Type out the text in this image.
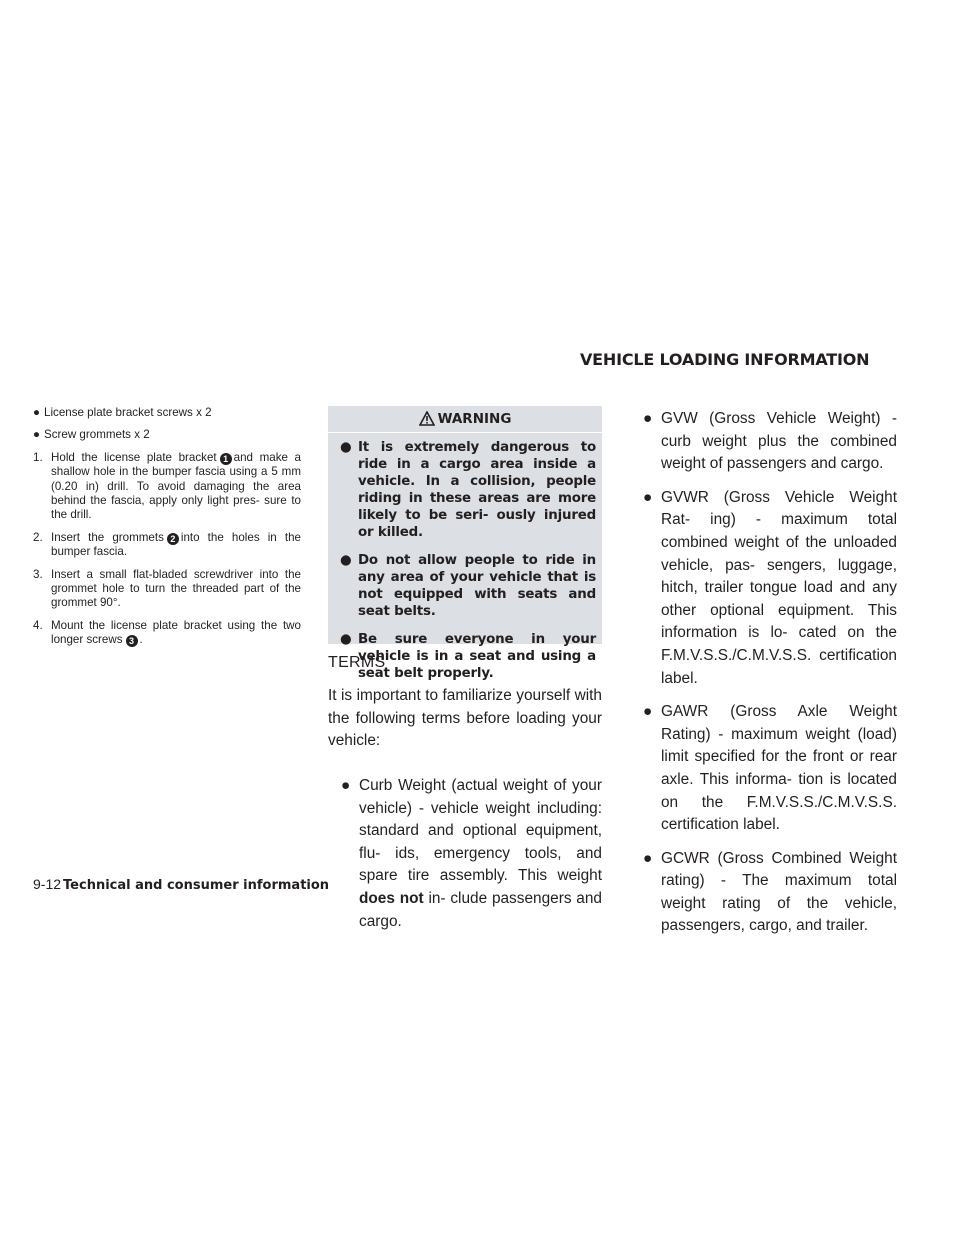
VEHICLE LOADING INFORMATION
● License plate bracket screws x 2
● Screw grommets x 2
1. Hold the license plate bracket 1 and make a shallow hole in the bumper fascia using a 5 mm (0.20 in) drill. To avoid damaging the area behind the fascia, apply only light pres- sure to the drill.
2. Insert the grommets 2 into the holes in the bumper fascia.
3. Insert a small flat-bladed screwdriver into the grommet hole to turn the threaded part of the grommet 90°.
4. Mount the license plate bracket using the two longer screws 3 .
WARNING
● It is extremely dangerous to ride in a cargo area inside a vehicle. In a collision, people riding in these areas are more likely to be seri- ously injured or killed.
● Do not allow people to ride in any area of your vehicle that is not equipped with seats and seat belts.
● Be sure everyone in your vehicle is in a seat and using a seat belt properly.
TERMS
It is important to familiarize yourself with the following terms before loading your vehicle:
● Curb Weight (actual weight of your vehicle) - vehicle weight including: standard and optional equipment, flu- ids, emergency tools, and spare tire assembly. This weight does not in- clude passengers and cargo.
● GVW (Gross Vehicle Weight) - curb weight plus the combined weight of passengers and cargo.
● GVWR (Gross Vehicle Weight Rat- ing) - maximum total combined weight of the unloaded vehicle, pas- sengers, luggage, hitch, trailer tongue load and any other optional equipment. This information is lo- cated on the F.M.V.S.S./C.M.V.S.S. certification label.
● GAWR (Gross Axle Weight Rating) - maximum weight (load) limit specified for the front or rear axle. This informa- tion is located on the F.M.V.S.S./C.M.V.S.S. certification label.
● GCWR (Gross Combined Weight rating) - The maximum total weight rating of the vehicle, passengers, cargo, and trailer.
9-12 Technical and consumer information
